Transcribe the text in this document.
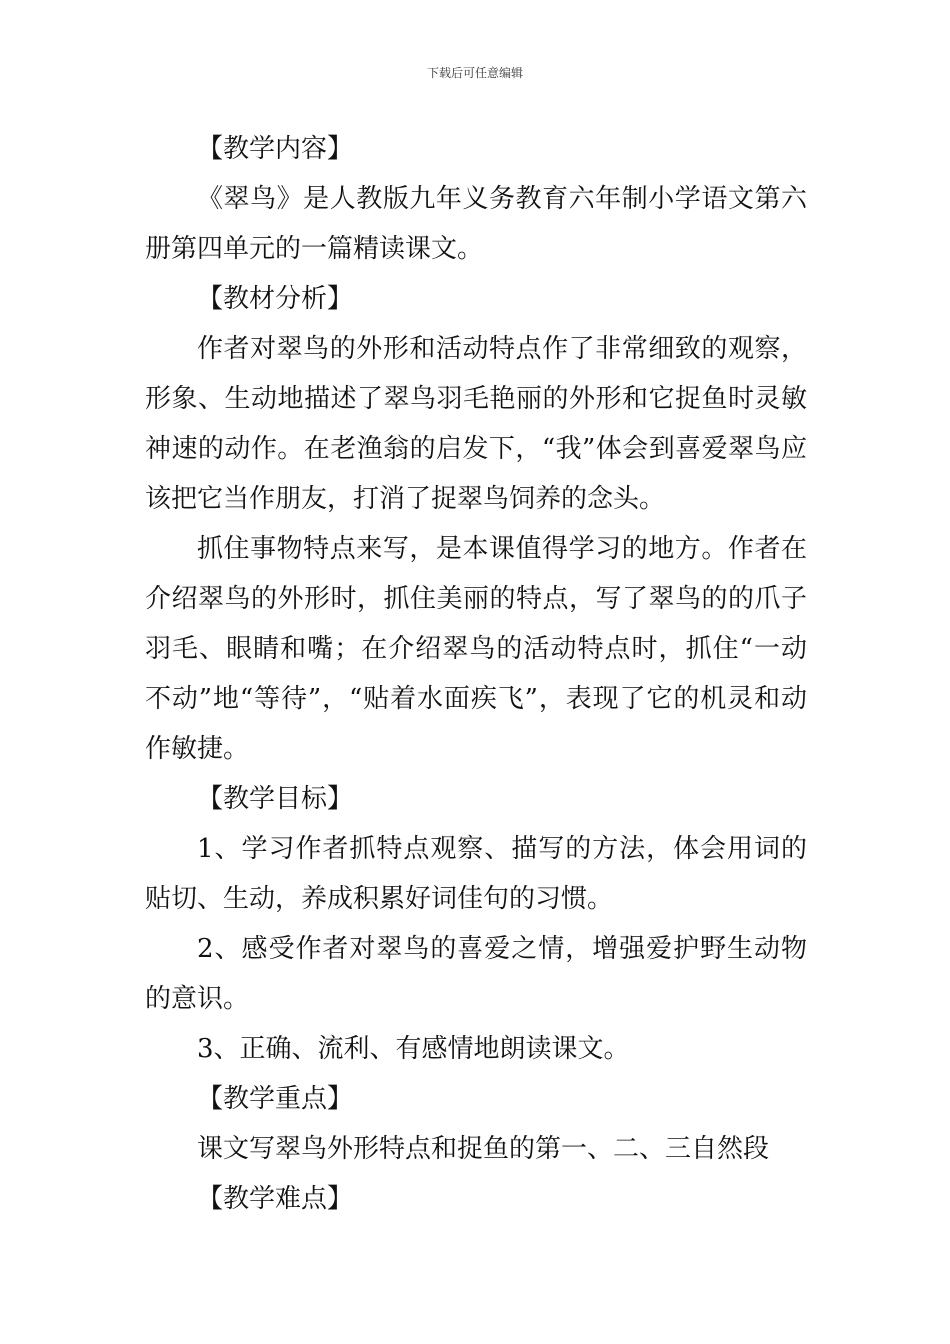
下载后可任意编辑
【教学内容】

《翠鸟》是人教版九年义务教育六年制小学语文第六册第四单元的一篇精读课文。

【教材分析】

作者对翠鸟的外形和活动特点作了非常细致的观察，形象、生动地描述了翠鸟羽毛艳丽的外形和它捉鱼时灵敏神速的动作。在老渔翁的启发下，“我”体会到喜爱翠鸟应该把它当作朋友，打消了捉翠鸟饲养的念头。

抓住事物特点来写，是本课值得学习的地方。作者在介绍翠鸟的外形时，抓住美丽的特点，写了翠鸟的的爪子羽毛、眼睛和嘴；在介绍翠鸟的活动特点时，抓住“一动不动”地“等待”，“贴着水面疾飞”，表现了它的机灵和动作敏捷。

【教学目标】

1、学习作者抓特点观察、描写的方法，体会用词的贴切、生动，养成积累好词佳句的习惯。

2、感受作者对翠鸟的喜爱之情，增强爱护野生动物的意识。

3、正确、流利、有感情地朗读课文。

【教学重点】

课文写翠鸟外形特点和捉鱼的第一、二、三自然段

【教学难点】
